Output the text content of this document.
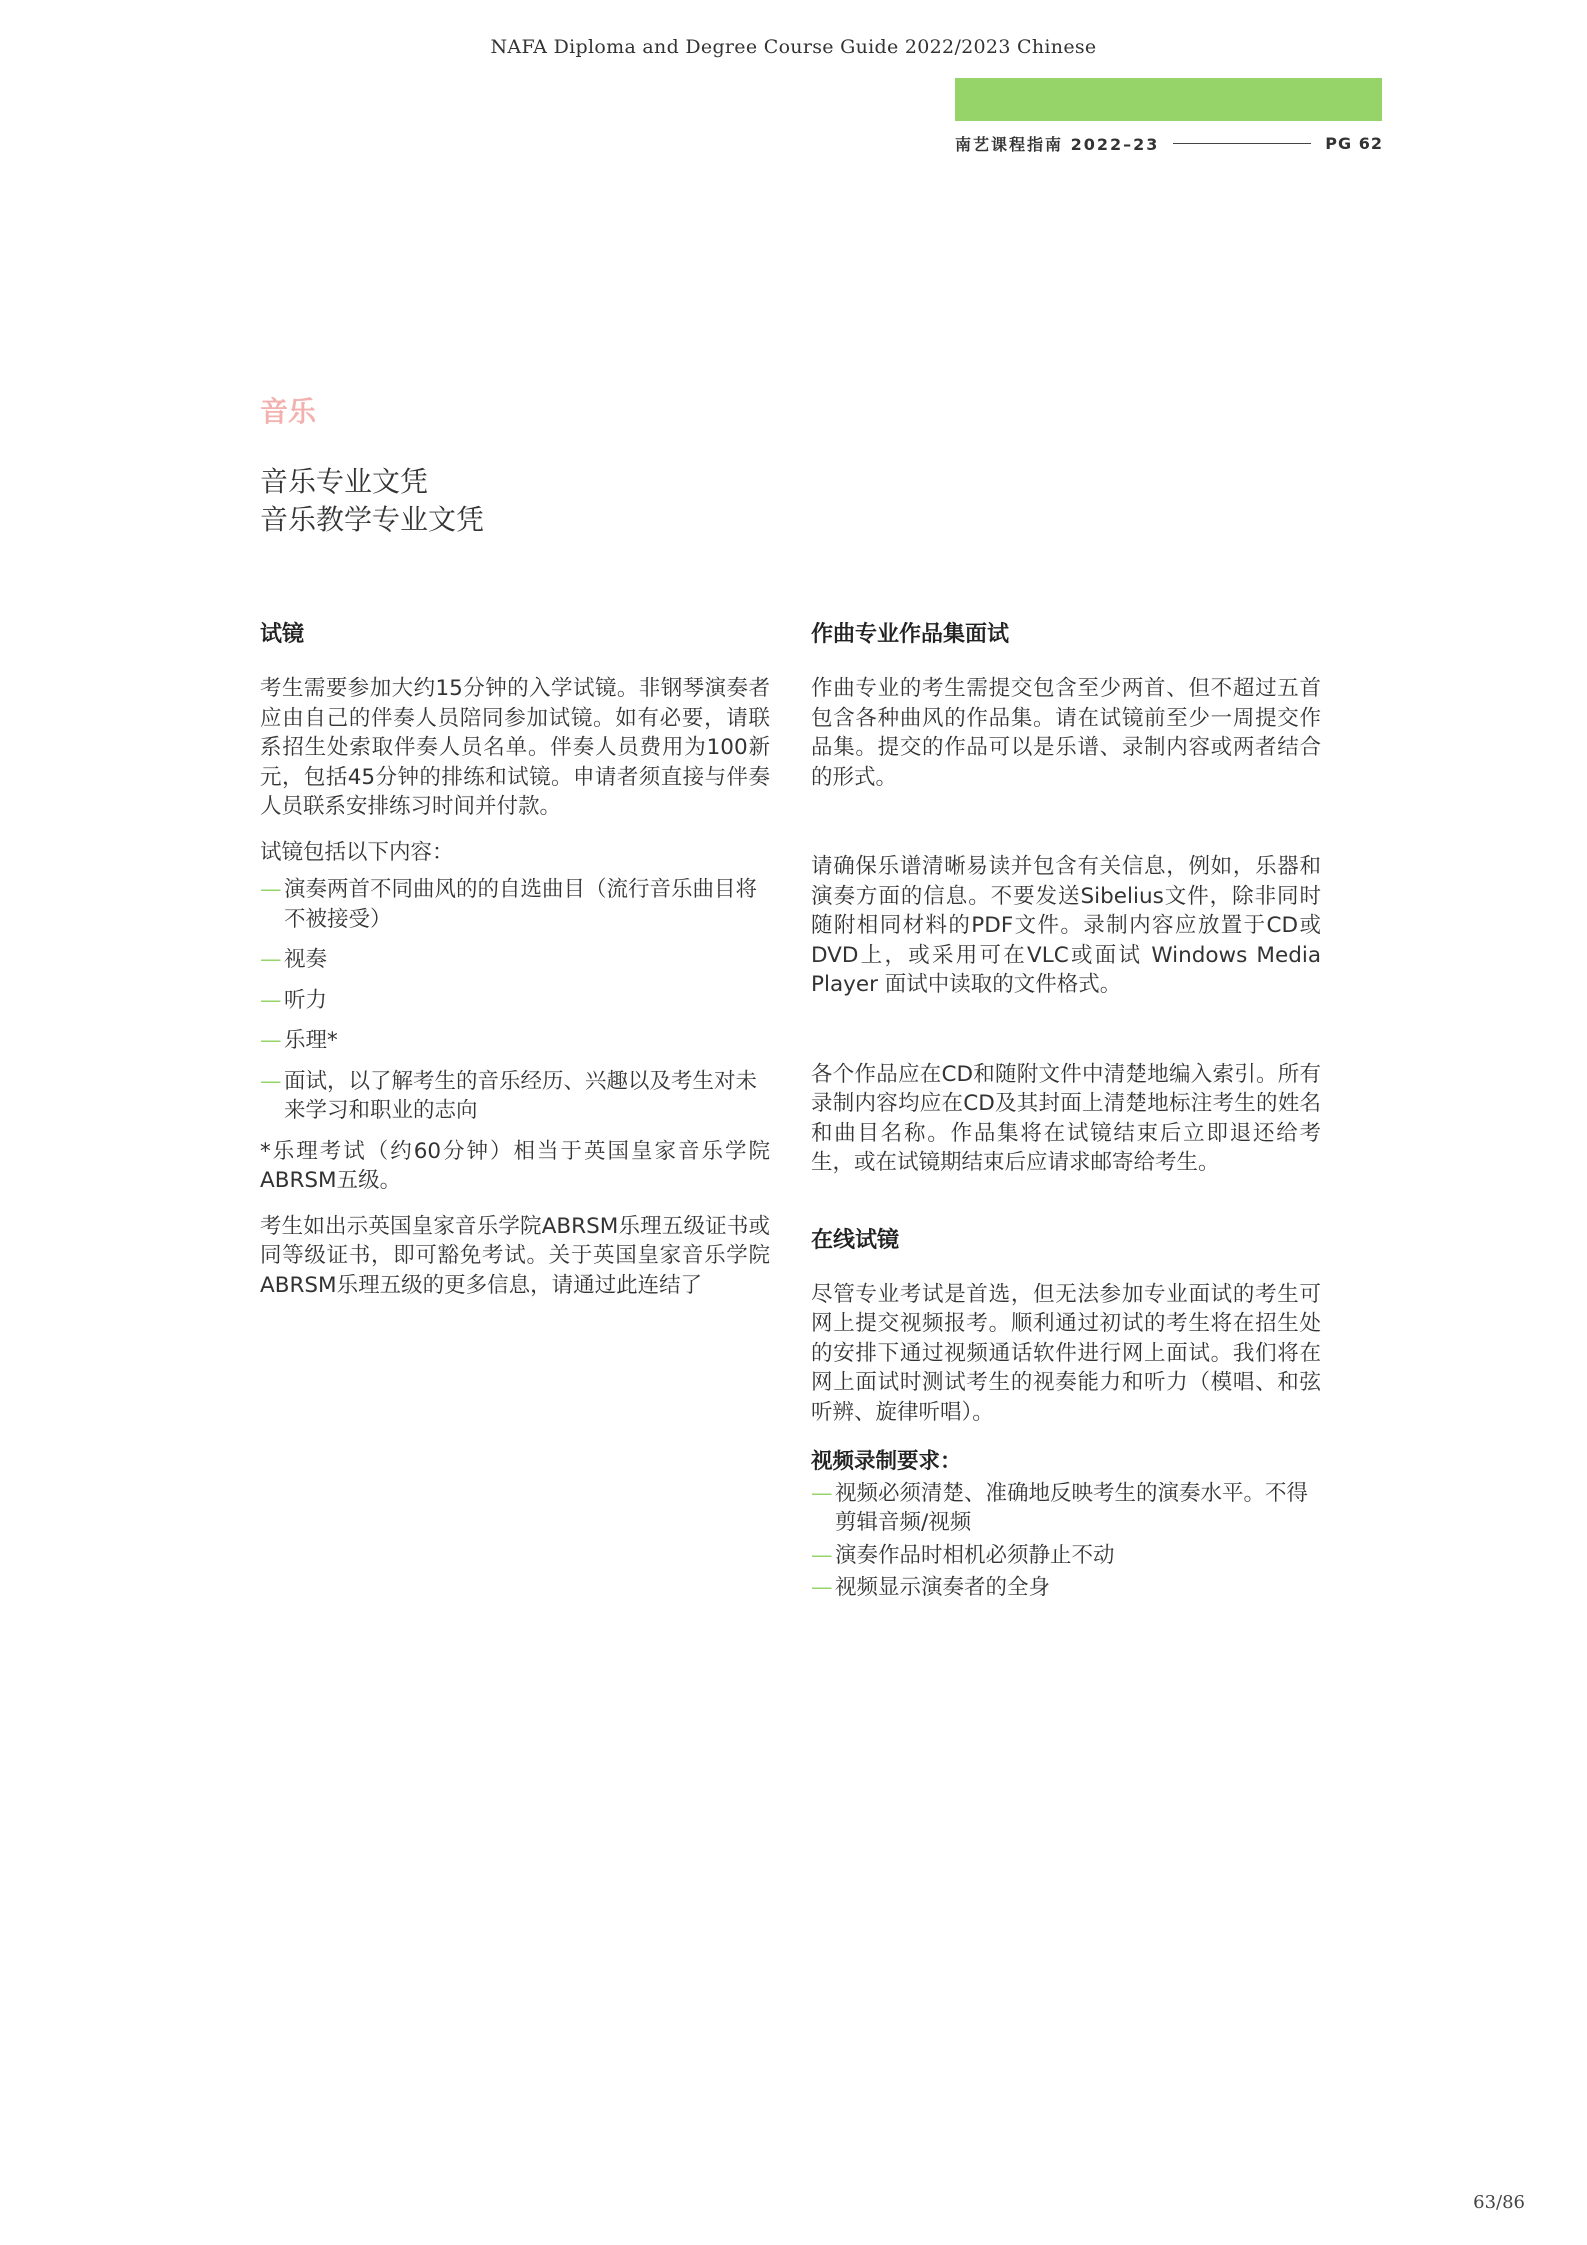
NAFA Diploma and Degree Course Guide 2022/2023 Chinese
南艺课程指南 2022–23	PG 62
音乐
音乐专业文凭
音乐教学专业文凭
试镜

考生需要参加大约15分钟的入学试镜。非钢琴演奏者应由自己的伴奏人员陪同参加试镜。如有必要，请联系招生处索取伴奏人员名单。伴奏人员费用为100新元，包括45分钟的排练和试镜。申请者须直接与伴奏人员联系安排练习时间并付款。

试镜包括以下内容：

— 演奏两首不同曲风的的自选曲目（流行音乐曲目将不被接受）
— 视奏
— 听力
— 乐理*
— 面试，以了解考生的音乐经历、兴趣以及考生对未来学习和职业的志向

*乐理考试（约60分钟）相当于英国皇家音乐学院ABRSM五级。

考生如出示英国皇家音乐学院ABRSM乐理五级证书或同等级证书，即可豁免考试。关于英国皇家音乐学院ABRSM乐理五级的更多信息，请通过此连结了

作曲专业作品集面试

作曲专业的考生需提交包含至少两首、但不超过五首包含各种曲风的作品集。请在试镜前至少一周提交作品集。提交的作品可以是乐谱、录制内容或两者结合的形式。

请确保乐谱清晰易读并包含有关信息，例如，乐器和演奏方面的信息。不要发送Sibelius文件，除非同时随附相同材料的PDF文件。录制内容应放置于CD或DVD上，或采用可在VLC或面试 Windows Media Player 面试中读取的文件格式。

各个作品应在CD和随附文件中清楚地编入索引。所有录制内容均应在CD及其封面上清楚地标注考生的姓名和曲目名称。作品集将在试镜结束后立即退还给考生，或在试镜期结束后应请求邮寄给考生。

在线试镜

尽管专业考试是首选，但无法参加专业面试的考生可网上提交视频报考。顺利通过初试的考生将在招生处的安排下通过视频通话软件进行网上面试。我们将在网上面试时测试考生的视奏能力和听力（模唱、和弦听辨、旋律听唱）。

视频录制要求：
— 视频必须清楚、准确地反映考生的演奏水平。不得剪辑音频/视频
— 演奏作品时相机必须静止不动
— 视频显示演奏者的全身
63/86
